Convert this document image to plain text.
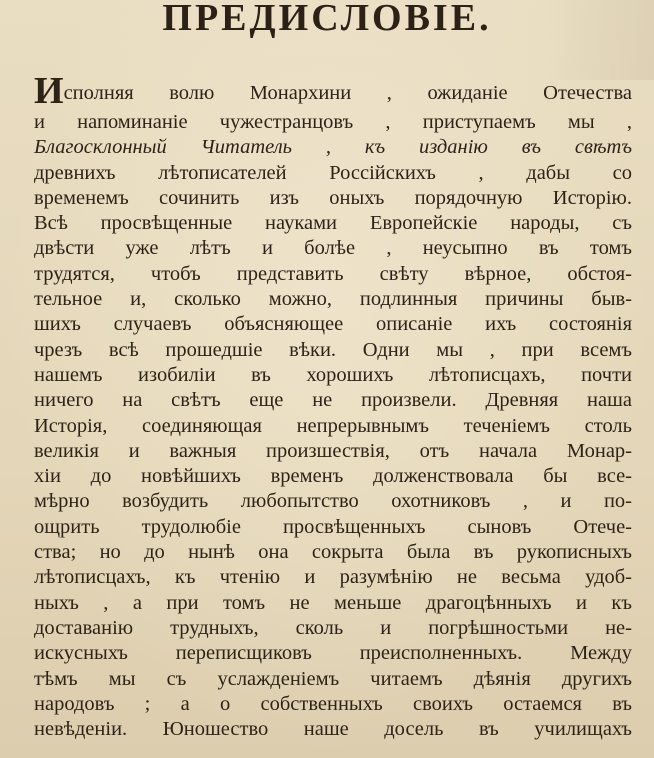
ПРЕДИСЛОВІЕ.
Исполняя волю Монархини , ожиданіе Отечества
и напоминаніе чужестранцовъ , приступаемъ мы ,
Благосклонный Читатель , къ изданію въ свѣтъ
древнихъ лѣтописателей Россійскихъ , дабы со
временемъ сочинить изъ оныхъ порядочную Исторію.
Всѣ просвѣщенные науками Европейскіе народы, съ
двѣсти уже лѣтъ и болѣе , неусыпно въ томъ
трудятся, чтобъ представить свѣту вѣрное, обстоя-
тельное и, сколько можно, подлинныя причины быв-
шихъ случаевъ объясняющее описаніе ихъ состоянія
чрезъ всѣ прошедшіе вѣки. Одни мы , при всемъ
нашемъ изобиліи въ хорошихъ лѣтописцахъ, почти
ничего на свѣтъ еще не произвели. Древняя наша
Исторія, соединяющая непрерывнымъ теченіемъ столь
великія и важныя произшествія, отъ начала Монар-
хіи до новѣйшихъ временъ долженствовала бы все-
мѣрно возбудить любопытство охотниковъ , и по-
ощрить трудолюбіе просвѣщенныхъ сыновъ Отече-
ства; но до нынѣ она сокрыта была въ рукописныхъ
лѣтописцахъ, къ чтенію и разумѣнію не весьма удоб-
ныхъ , а при томъ не меньше драгоцѣнныхъ и къ
доставанію трудныхъ, сколь и погрѣшностьми не-
искусныхъ переписщиковъ преисполненныхъ. Между
тѣмъ мы съ услажденіемъ читаемъ дѣянія другихъ
народовъ ; а о собственныхъ своихъ остаемся въ
невѣденіи. Юношество наше досель въ училищахъ
